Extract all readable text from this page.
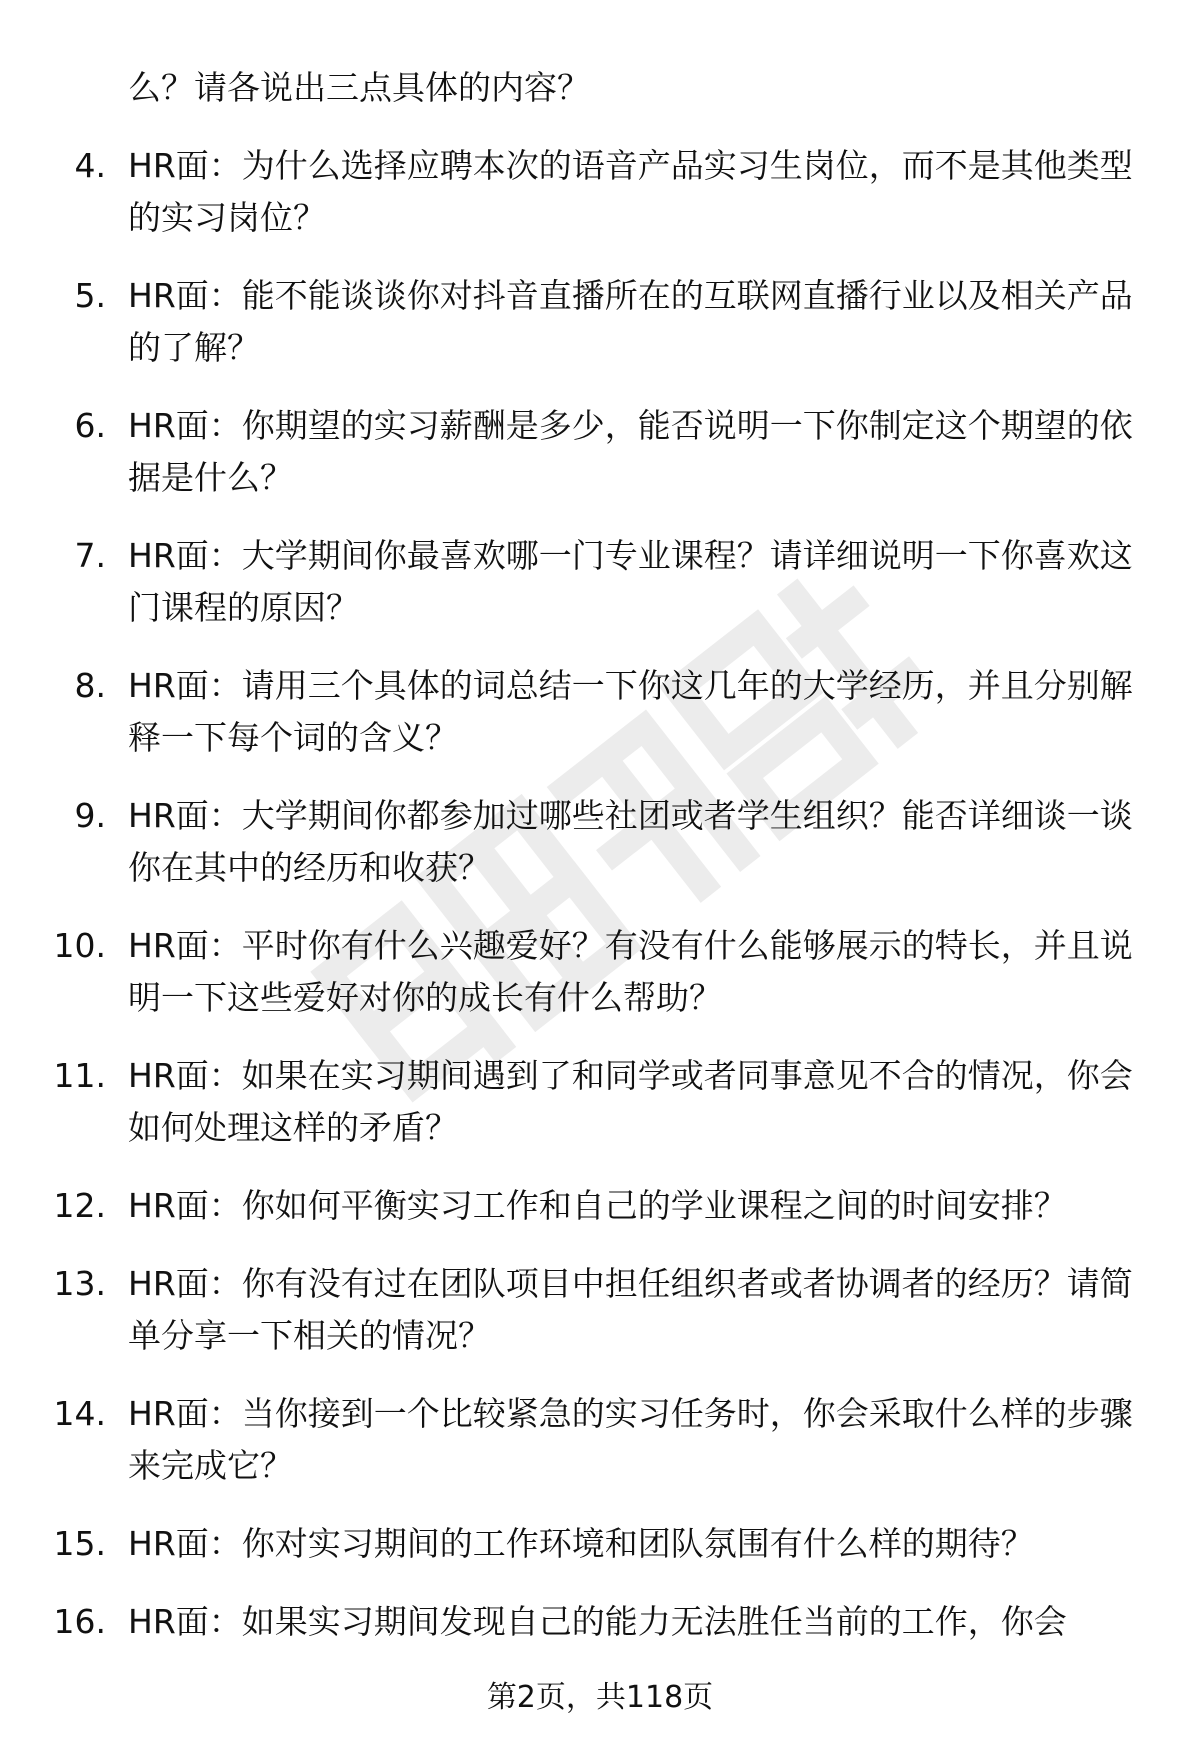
么？请各说出三点具体的内容？
4. HR面：为什么选择应聘本次的语音产品实习生岗位，而不是其他类型的实习岗位？
5. HR面：能不能谈谈你对抖音直播所在的互联网直播行业以及相关产品的了解？
6. HR面：你期望的实习薪酬是多少，能否说明一下你制定这个期望的依据是什么？
7. HR面：大学期间你最喜欢哪一门专业课程？请详细说明一下你喜欢这门课程的原因？
8. HR面：请用三个具体的词总结一下你这几年的大学经历，并且分别解释一下每个词的含义？
9. HR面：大学期间你都参加过哪些社团或者学生组织？能否详细谈一谈你在其中的经历和收获？
10. HR面：平时你有什么兴趣爱好？有没有什么能够展示的特长，并且说明一下这些爱好对你的成长有什么帮助？
11. HR面：如果在实习期间遇到了和同学或者同事意见不合的情况，你会如何处理这样的矛盾？
12. HR面：你如何平衡实习工作和自己的学业课程之间的时间安排？
13. HR面：你有没有过在团队项目中担任组织者或者协调者的经历？请简单分享一下相关的情况？
14. HR面：当你接到一个比较紧急的实习任务时，你会采取什么样的步骤来完成它？
15. HR面：你对实习期间的工作环境和团队氛围有什么样的期待？
16. HR面：如果实习期间发现自己的能力无法胜任当前的工作，你会
第2页，共118页
